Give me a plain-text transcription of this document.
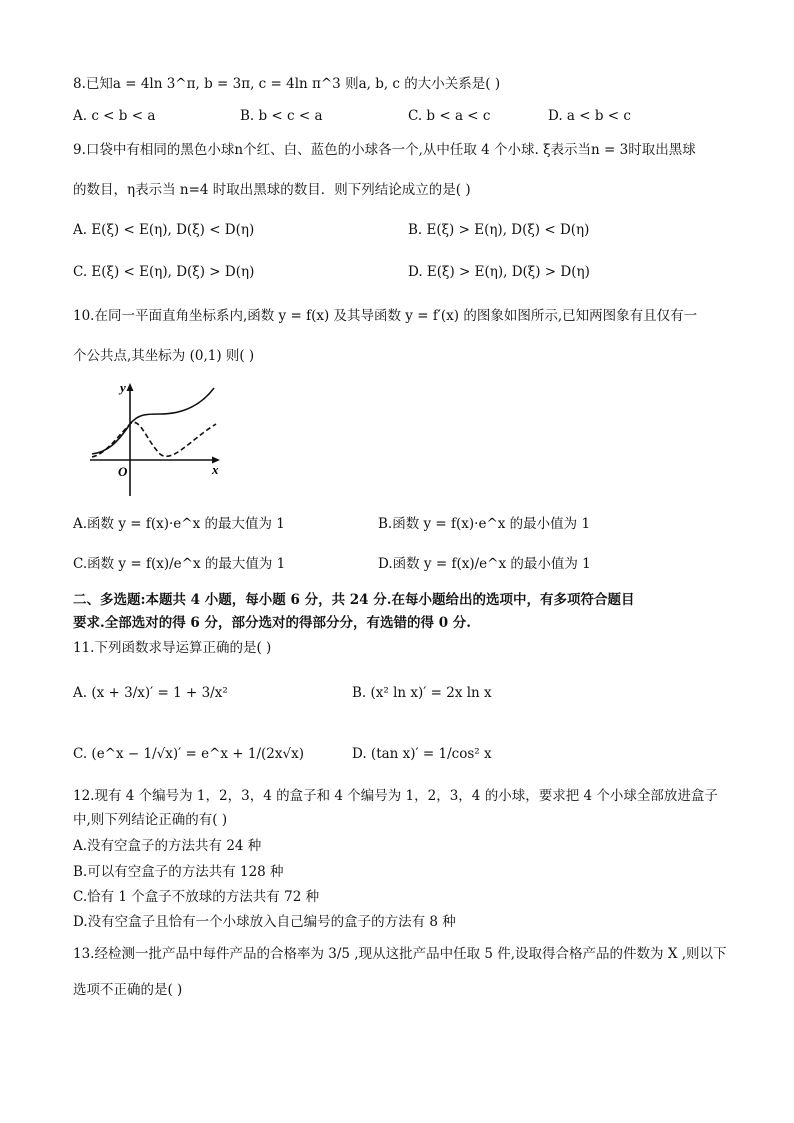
8.已知a = 4ln 3^π, b = 3π, c = 4ln π^3 则a, b, c 的大小关系是( )
A. c < b < a	B. b < c < a	C. b < a < c	D. a < b < c
9.口袋中有相同的黑色小球n个红、白、蓝色的小球各一个,从中任取 4 个小球. ξ表示当n = 3时取出黑球
的数目，η表示当 n=4 时取出黑球的数目．则下列结论成立的是( )
A. E(ξ) < E(η), D(ξ) < D(η)	B. E(ξ) > E(η), D(ξ) < D(η)
C. E(ξ) < E(η), D(ξ) > D(η)	D. E(ξ) > E(η), D(ξ) > D(η)
10.在同一平面直角坐标系内,函数 y = f(x) 及其导函数 y = f′(x) 的图象如图所示,已知两图象有且仅有一
个公共点,其坐标为 (0,1) 则( )
y
x
O
A.函数 y = f(x)·e^x 的最大值为 1	B.函数 y = f(x)·e^x 的最小值为 1
C.函数 y = f(x)/e^x 的最大值为 1	D.函数 y = f(x)/e^x 的最小值为 1
二、多选题:本题共 4 小题，每小题 6 分，共 24 分.在每小题给出的选项中，有多项符合题目
要求.全部选对的得 6 分，部分选对的得部分分，有选错的得 0 分.
11.下列函数求导运算正确的是( )
A. (x + 3/x)′ = 1 + 3/x²	B. (x² ln x)′ = 2x ln x
C. (e^x − 1/√x)′ = e^x + 1/(2x√x)	D. (tan x)′ = 1/cos² x
12.现有 4 个编号为 1，2，3，4 的盒子和 4 个编号为 1，2，3，4 的小球，要求把 4 个小球全部放进盒子
中,则下列结论正确的有( )
A.没有空盒子的方法共有 24 种
B.可以有空盒子的方法共有 128 种
C.恰有 1 个盒子不放球的方法共有 72 种
D.没有空盒子且恰有一个小球放入自己编号的盒子的方法有 8 种
13.经检测一批产品中每件产品的合格率为 3/5 ,现从这批产品中任取 5 件,设取得合格产品的件数为 X ,则以下
选项不正确的是( )
